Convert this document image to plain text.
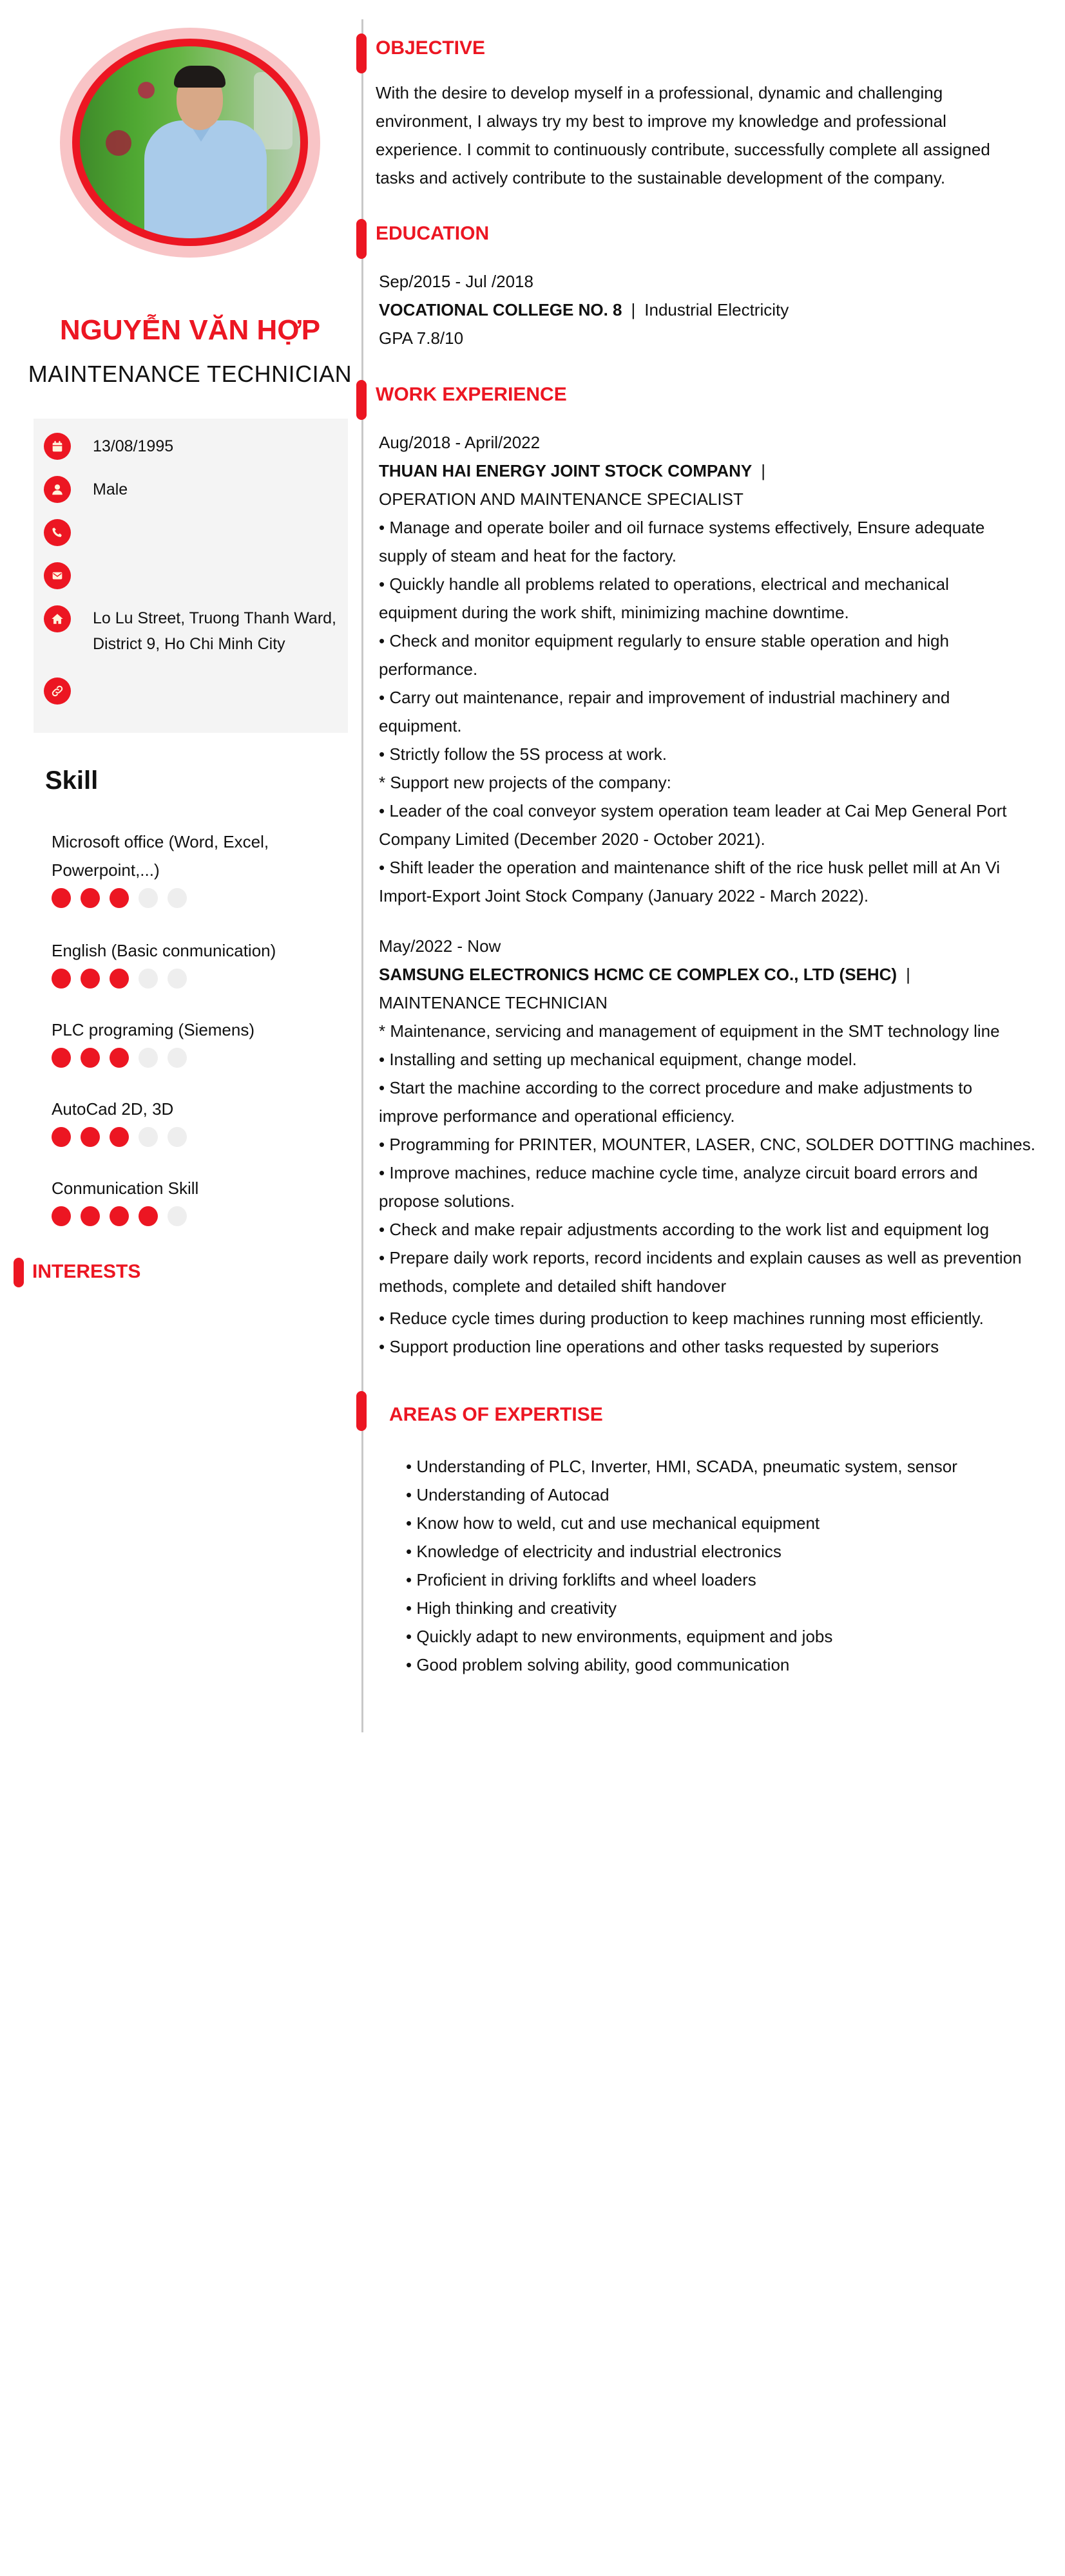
NGUYỄN VĂN HỢP
MAINTENANCE TECHNICIAN
13/08/1995
Male
Lo Lu Street, Truong Thanh Ward, District 9, Ho Chi Minh City
Skill
Microsoft office (Word, Excel, Powerpoint,...)
English (Basic conmunication)
PLC programing (Siemens)
AutoCad 2D, 3D
Conmunication Skill
INTERESTS
OBJECTIVE
With the desire to develop myself in a professional, dynamic and challenging
environment, I always try my best to improve my knowledge and professional
experience. I commit to continuously contribute, successfully complete all assigned
tasks and actively contribute to the sustainable development of the company.
EDUCATION
Sep/2015 - Jul /2018
VOCATIONAL COLLEGE NO. 8 | Industrial Electricity
GPA 7.8/10
WORK EXPERIENCE
Aug/2018 - April/2022
THUAN HAI ENERGY JOINT STOCK COMPANY |
OPERATION AND MAINTENANCE SPECIALIST
• Manage and operate boiler and oil furnace systems effectively, Ensure adequate
supply of steam and heat for the factory.
• Quickly handle all problems related to operations, electrical and mechanical
equipment during the work shift, minimizing machine downtime.
• Check and monitor equipment regularly to ensure stable operation and high
performance.
• Carry out maintenance, repair and improvement of industrial machinery and
equipment.
• Strictly follow the 5S process at work.
* Support new projects of the company:
• Leader of the coal conveyor system operation team leader at Cai Mep General Port
Company Limited (December 2020 - October 2021).
• Shift leader the operation and maintenance shift of the rice husk pellet mill at An Vi
Import-Export Joint Stock Company (January 2022 - March 2022).
May/2022 - Now
SAMSUNG ELECTRONICS HCMC CE COMPLEX CO., LTD (SEHC) |
MAINTENANCE TECHNICIAN
* Maintenance, servicing and management of equipment in the SMT technology line
• Installing and setting up mechanical equipment, change model.
• Start the machine according to the correct procedure and make adjustments to
improve performance and operational efficiency.
• Programming for PRINTER, MOUNTER, LASER, CNC, SOLDER DOTTING machines.
• Improve machines, reduce machine cycle time, analyze circuit board errors and
propose solutions.
• Check and make repair adjustments according to the work list and equipment log
• Prepare daily work reports, record incidents and explain causes as well as prevention
methods, complete and detailed shift handover
• Reduce cycle times during production to keep machines running most efficiently.
• Support production line operations and other tasks requested by superiors
AREAS OF EXPERTISE
• Understanding of PLC, Inverter, HMI, SCADA, pneumatic system, sensor
• Understanding of Autocad
• Know how to weld, cut and use mechanical equipment
• Knowledge of electricity and industrial electronics
• Proficient in driving forklifts and wheel loaders
• High thinking and creativity
• Quickly adapt to new environments, equipment and jobs
• Good problem solving ability, good communication
